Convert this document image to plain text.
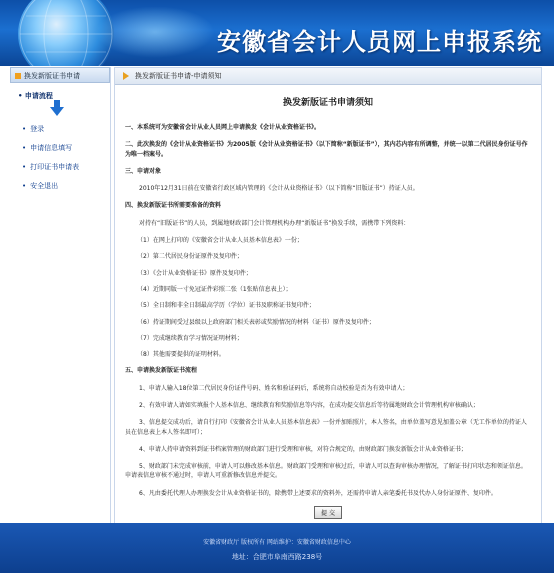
安徽省会计人员网上申报系统
换发新版证书申请
• 申请流程
• 登录
• 申请信息填写
• 打印证书申请表
• 安全退出
换发新版证书申请-申请须知
换发新版证书申请须知
一、本系统可为安徽省会计从业人员网上申请换发《会计从业资格证书》。
二、此次换发的《会计从业资格证书》为2005版《会计从业资格证书》（以下简称“新版证书”），其内芯内容有所调整，并统一以第二代居民身份证号作为唯一档案号。
三、申请对象
2010年12月31日前在安徽省行政区域内管理的《会计从业资格证书》（以下简称“旧版证书”）持证人员。
四、换发新版证书所需要准备的资料
对持有“旧版证书”的人员，到属地财政部门会计管理机构办理“新版证书”换发手续，需携带下列资料：
（1）在网上打印的《安徽省会计从业人员基本信息表》一份；
（2）第二代居民身份证原件及复印件；
（3）《会计从业资格证书》原件及复印件；
（4）近期同版一寸免冠证件彩照二张（1张贴信息表上）；
（5）全日制和非全日制最高学历（学位）证书及职称证书复印件；
（6）持证期间受过县级以上政府部门相关表彰或奖励情况的材料（证书）原件及复印件；
（7）完成继续教育学习情况证明材料；
（8）其他需要提供的证明材料。
五、申请换发新版证书流程
1、申请人输入18位第二代居民身份证件号码、姓名和验证码后，系统将自动校验是否为有效申请人；
2、有效申请人请如实填报个人基本信息、继续教育和奖励信息等内容，在成功提交信息后等待属地财政会计管理机构审核确认；
3、信息提交成功后，请自行打印《安徽省会计从业人员基本信息表》一份并加贴照片，本人签名，由单位盖写意见加盖公章（无工作单位的持证人员在信息表上本人签名即可）；
4、申请人持申请资料到证书档案管理的财政部门进行受理和审核，对符合规定的，由财政部门换发新版会计从业资格证书；
5、财政部门未完成审核前，申请人可以修改基本信息。财政部门受理和审核过后，申请人可以查询审核办理情况，了解证书打印状态和领证信息。申请表信息审核不通过时，申请人可重新修改信息并提交。
6、凡由委托代理人办理换发会计从业资格证书的，除携带上述要求的资料外，还需持申请人亲笔委托书及代办人身份证原件、复印件。
提 交
安徽省财政厅 版权所有 网站维护：安徽省财政信息中心
地址：合肥市阜南西路238号
